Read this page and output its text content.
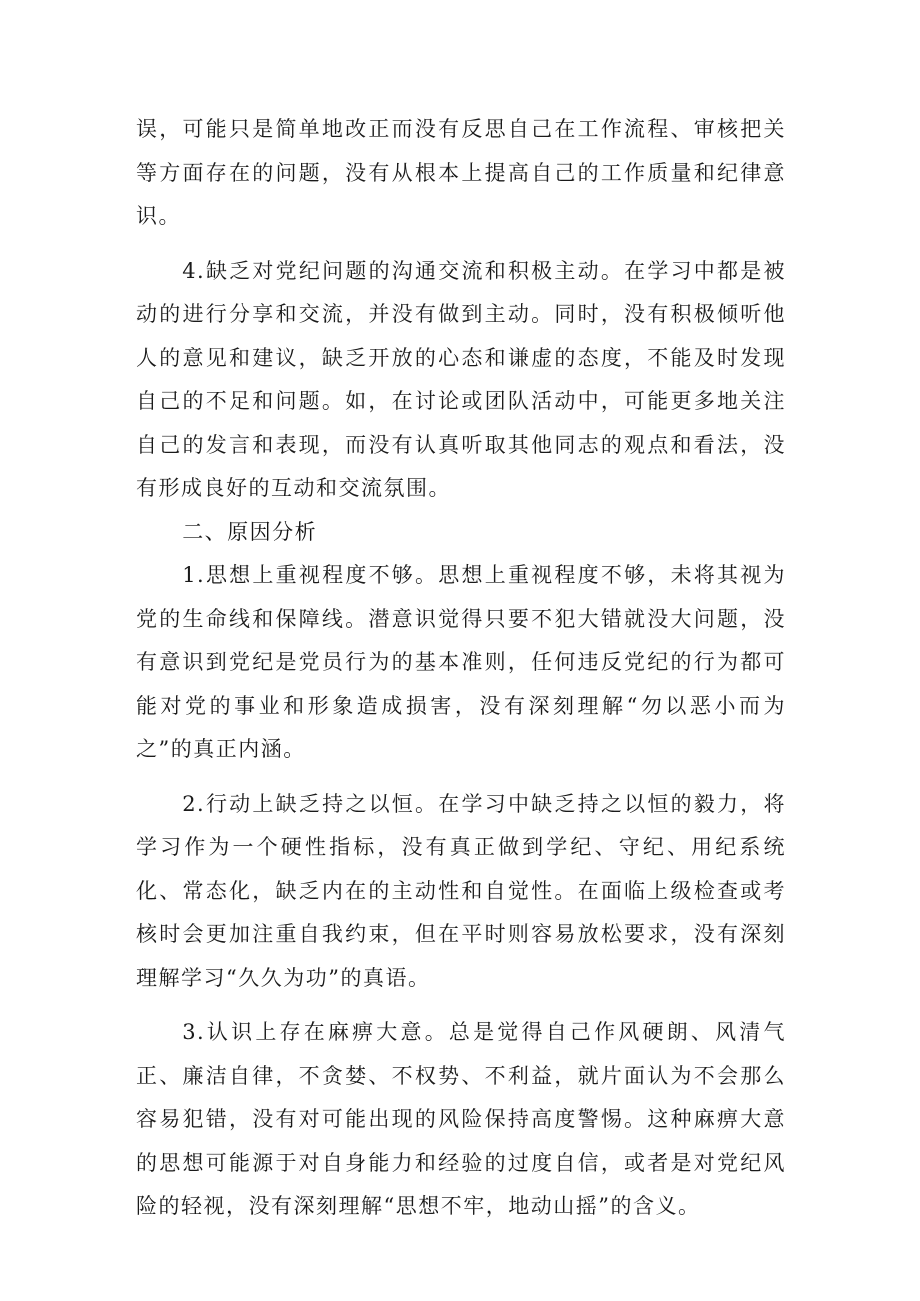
误，可能只是简单地改正而没有反思自己在工作流程、审核把关等方面存在的问题，没有从根本上提高自己的工作质量和纪律意识。

4.缺乏对党纪问题的沟通交流和积极主动。在学习中都是被动的进行分享和交流，并没有做到主动。同时，没有积极倾听他人的意见和建议，缺乏开放的心态和谦虚的态度，不能及时发现自己的不足和问题。如，在讨论或团队活动中，可能更多地关注自己的发言和表现，而没有认真听取其他同志的观点和看法，没有形成良好的互动和交流氛围。

二、原因分析

1.思想上重视程度不够。思想上重视程度不够，未将其视为党的生命线和保障线。潜意识觉得只要不犯大错就没大问题，没有意识到党纪是党员行为的基本准则，任何违反党纪的行为都可能对党的事业和形象造成损害，没有深刻理解“勿以恶小而为之”的真正内涵。

2.行动上缺乏持之以恒。在学习中缺乏持之以恒的毅力，将学习作为一个硬性指标，没有真正做到学纪、守纪、用纪系统化、常态化，缺乏内在的主动性和自觉性。在面临上级检查或考核时会更加注重自我约束，但在平时则容易放松要求，没有深刻理解学习“久久为功”的真语。

3.认识上存在麻痹大意。总是觉得自己作风硬朗、风清气正、廉洁自律，不贪婪、不权势、不利益，就片面认为不会那么容易犯错，没有对可能出现的风险保持高度警惕。这种麻痹大意的思想可能源于对自身能力和经验的过度自信，或者是对党纪风险的轻视，没有深刻理解“思想不牢，地动山摇”的含义。
